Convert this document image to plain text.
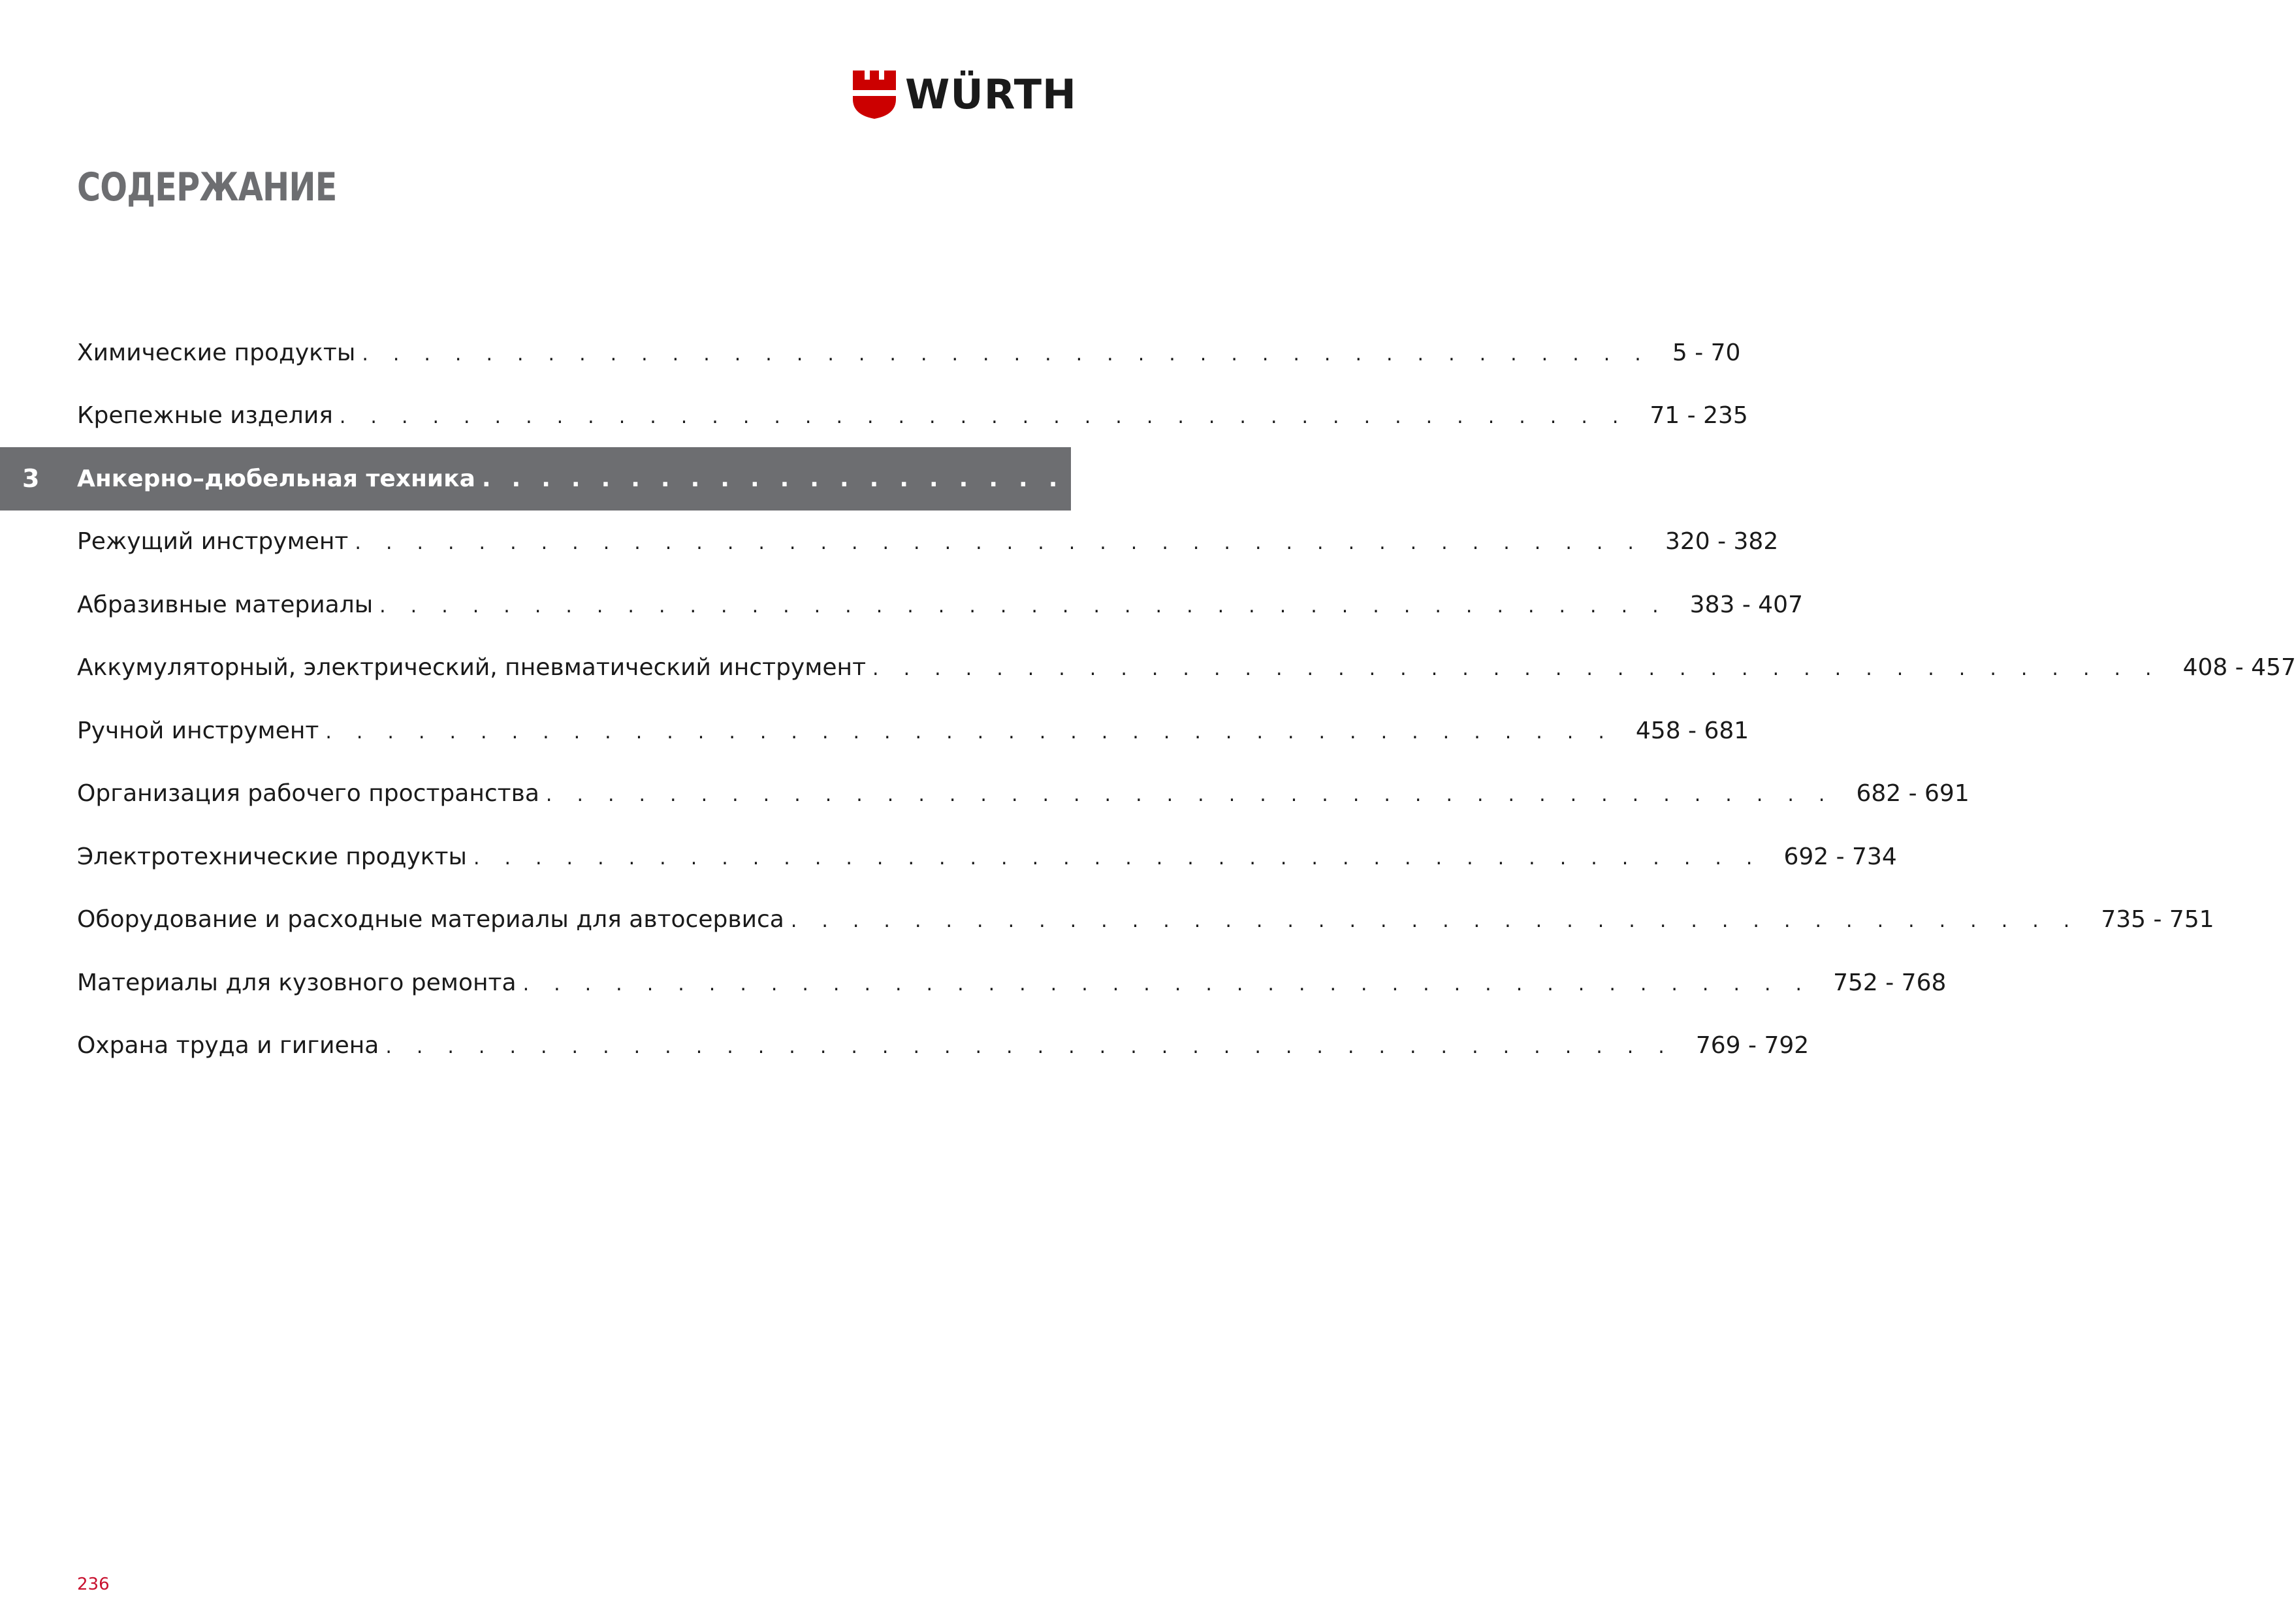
WÜRTH
СОДЕРЖАНИЕ
Химические продукты .......................................... 5 - 70
Крепежные изделия .......................................... 71 - 235
3 Анкерно–дюбельная техника .......................................... 236 - 319
Режущий инструмент .......................................... 320 - 382
Абразивные материалы .......................................... 383 - 407
Аккумуляторный, электрический, пневматический инструмент .......................................... 408 - 457
Ручной инструмент .......................................... 458 - 681
Организация рабочего пространства .......................................... 682 - 691
Электротехнические продукты .......................................... 692 - 734
Оборудование и расходные материалы для автосервиса .......................................... 735 - 751
Материалы для кузовного ремонта .......................................... 752 - 768
Охрана труда и гигиена .......................................... 769 - 792
236
